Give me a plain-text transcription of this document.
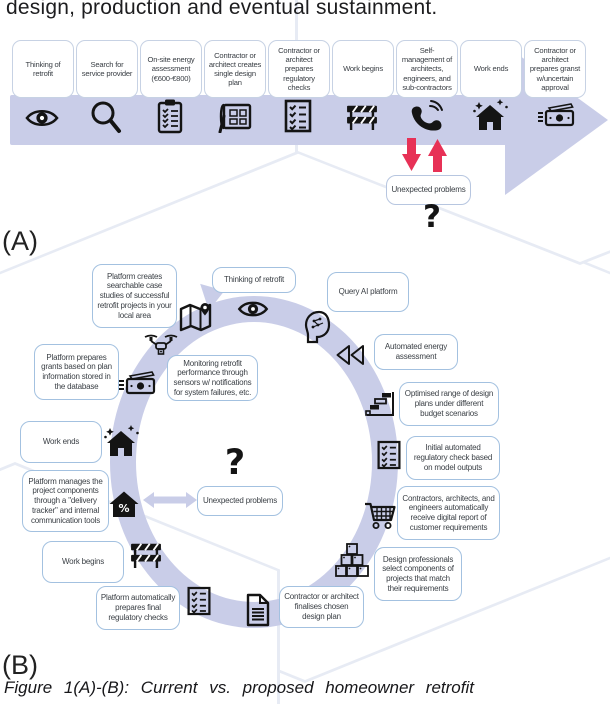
design, production and eventual sustainment.
Thinking of retrofit
Search for service provider
On-site energy assessment (€600-€800)
Contractor or architect creates single design plan
Contractor or architect prepares regulatory checks
Work begins
Self-management of architects, engineers, and sub-contractors
Work ends
Contractor or architect prepares granst w/uncertain approval
Unexpected problems
?
(A)
Thinking of retrofit
Query AI platform
Automated energy assessment
Optimised range of design plans under different budget scenarios
Initial automated regulatory check based on model outputs
Contractors, architects, and engineers automatically receive digital report of customer requirements
Design professionals select components of projects that match their requirements
Contractor or architect finalises chosen design plan
Platform automatically prepares final regulatory checks
Work begins
Platform manages the project components through a "delivery tracker" and internal communication tools
Work ends
Platform prepares grants based on plan information stored in the database
Monitoring retrofit performance through sensors w/ notifications for system failures, etc.
Platform creates searchable case studies of successful retrofit projects in your local area
%
?
Unexpected problems
(B)
Figure 1(A)-(B): Current vs. proposed homeowner retrofit
